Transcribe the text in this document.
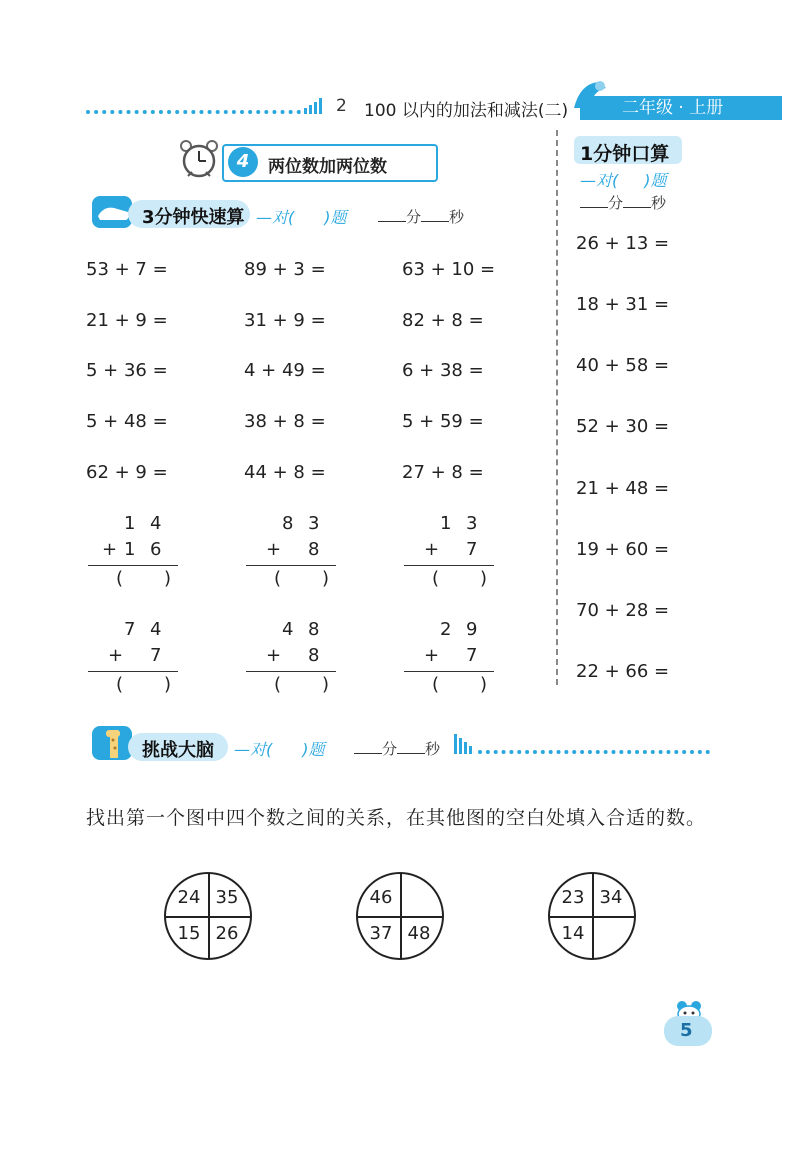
2 100 以内的加法和减法(二)	二年级 · 上册
4	两位数加两位数
1分钟口算
—对( )题
分 秒
3分钟快速算 —对( )题	分 秒
53 + 7 =	89 + 3 =	63 + 10 =
21 + 9 =	31 + 9 =	82 + 8 =
5 + 36 =	4 + 49 =	6 + 38 =
5 + 48 =	38 + 8 =	5 + 59 =
62 + 9 =	44 + 8 =	27 + 8 =
1 4
+ 1 6
( )
8 3
+ 8
( )
1 3
+ 7
( )
7 4
+ 7
( )
4 8
+ 8
( )
2 9
+ 7
( )
26 + 13 =
18 + 31 =
40 + 58 =
52 + 30 =
21 + 48 =
19 + 60 =
70 + 28 =
22 + 66 =
挑战大脑 —对( )题	分 秒
找出第一个图中四个数之间的关系，在其他图的空白处填入合适的数。
24 35
15 26
46
37 48
23 34
14
5
